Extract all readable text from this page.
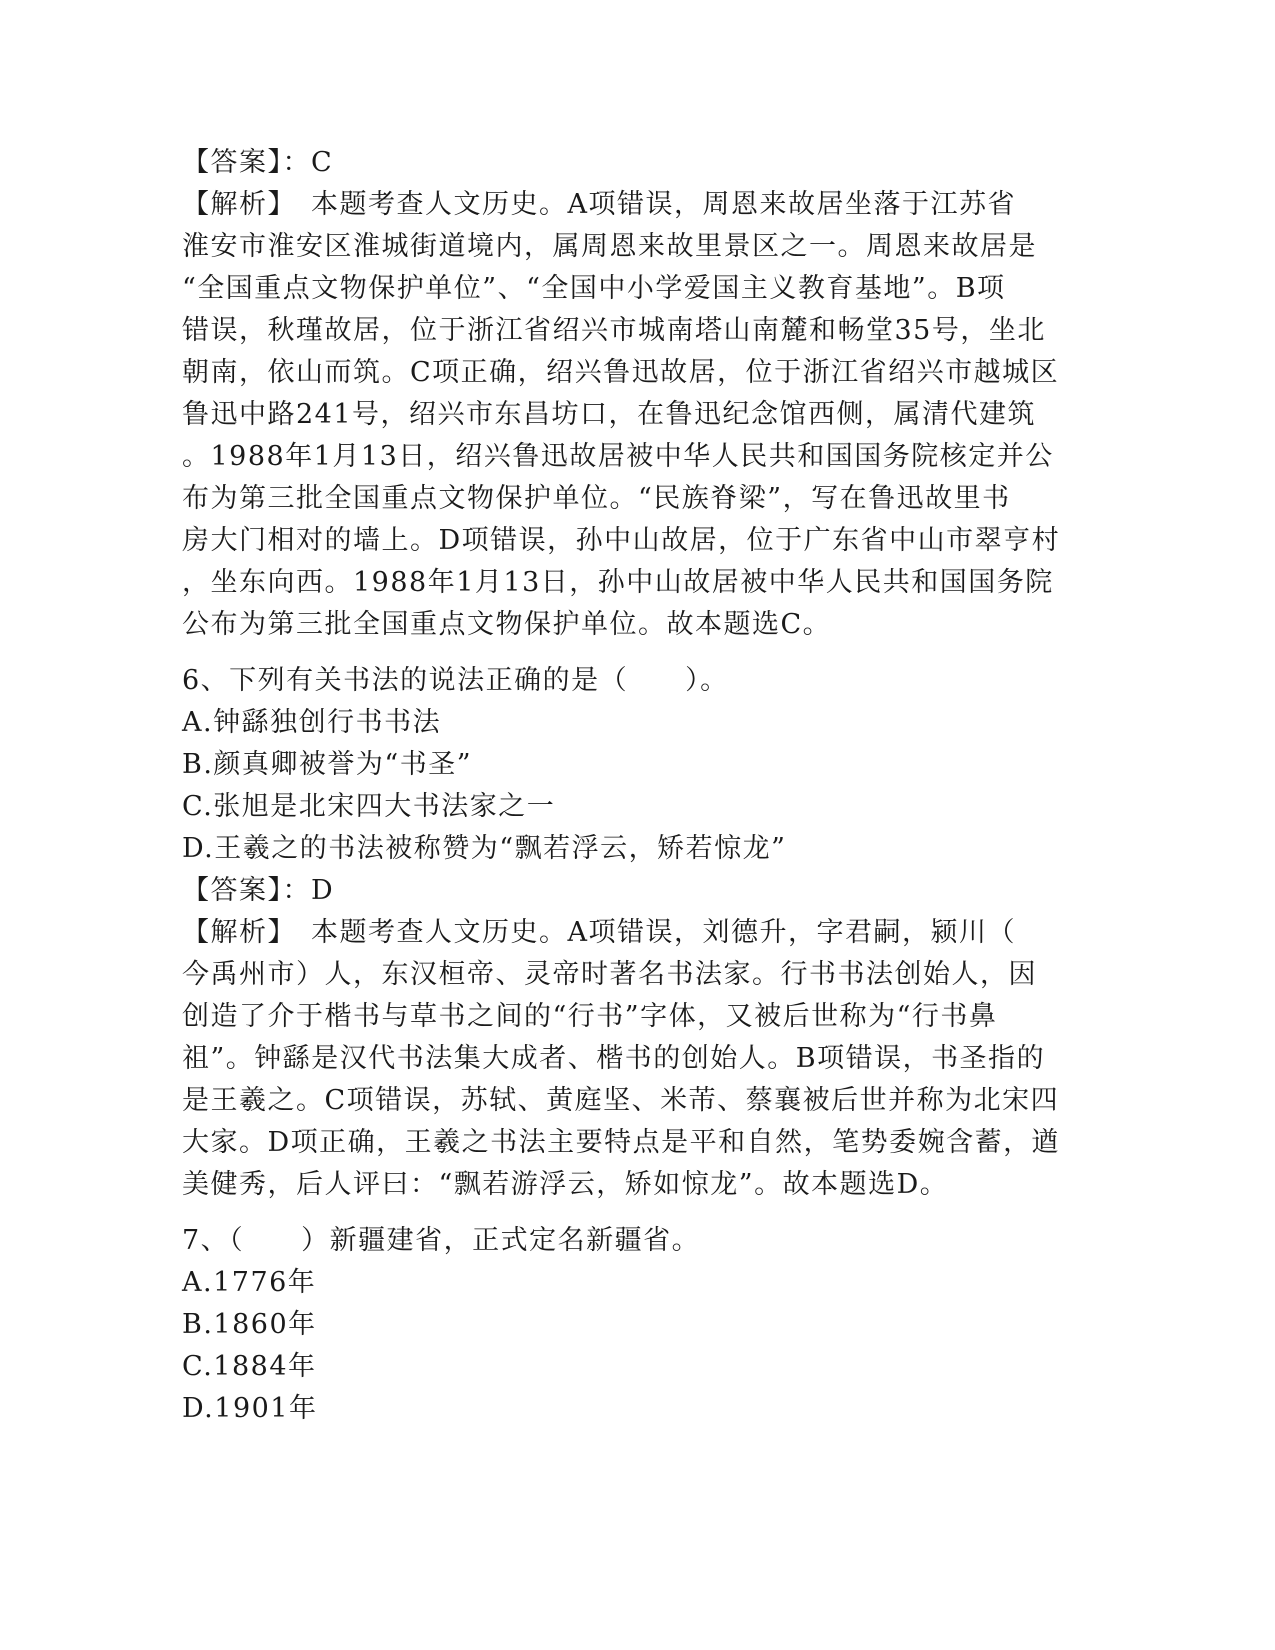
【答案】：C
【解析】　本题考查人文历史。A项错误，周恩来故居坐落于江苏省
淮安市淮安区淮城街道境内，属周恩来故里景区之一。周恩来故居是
“全国重点文物保护单位”、“全国中小学爱国主义教育基地”。B项
错误，秋瑾故居，位于浙江省绍兴市城南塔山南麓和畅堂35号，坐北
朝南，依山而筑。C项正确，绍兴鲁迅故居，位于浙江省绍兴市越城区
鲁迅中路241号，绍兴市东昌坊口，在鲁迅纪念馆西侧，属清代建筑
。1988年1月13日，绍兴鲁迅故居被中华人民共和国国务院核定并公
布为第三批全国重点文物保护单位。“民族脊梁”，写在鲁迅故里书
房大门相对的墙上。D项错误，孙中山故居，位于广东省中山市翠亨村
，坐东向西。1988年1月13日，孙中山故居被中华人民共和国国务院
公布为第三批全国重点文物保护单位。故本题选C。
6、下列有关书法的说法正确的是（　　）。
A.钟繇独创行书书法
B.颜真卿被誉为“书圣”
C.张旭是北宋四大书法家之一
D.王羲之的书法被称赞为“飘若浮云，矫若惊龙”
【答案】：D
【解析】　本题考查人文历史。A项错误，刘德升，字君嗣，颍川（
今禹州市）人，东汉桓帝、灵帝时著名书法家。行书书法创始人，因
创造了介于楷书与草书之间的“行书”字体，又被后世称为“行书鼻
祖”。钟繇是汉代书法集大成者、楷书的创始人。B项错误，书圣指的
是王羲之。C项错误，苏轼、黄庭坚、米芾、蔡襄被后世并称为北宋四
大家。D项正确，王羲之书法主要特点是平和自然，笔势委婉含蓄，遒
美健秀，后人评曰：“飘若游浮云，矫如惊龙”。故本题选D。
7、（　　）新疆建省，正式定名新疆省。
A.1776年
B.1860年
C.1884年
D.1901年
